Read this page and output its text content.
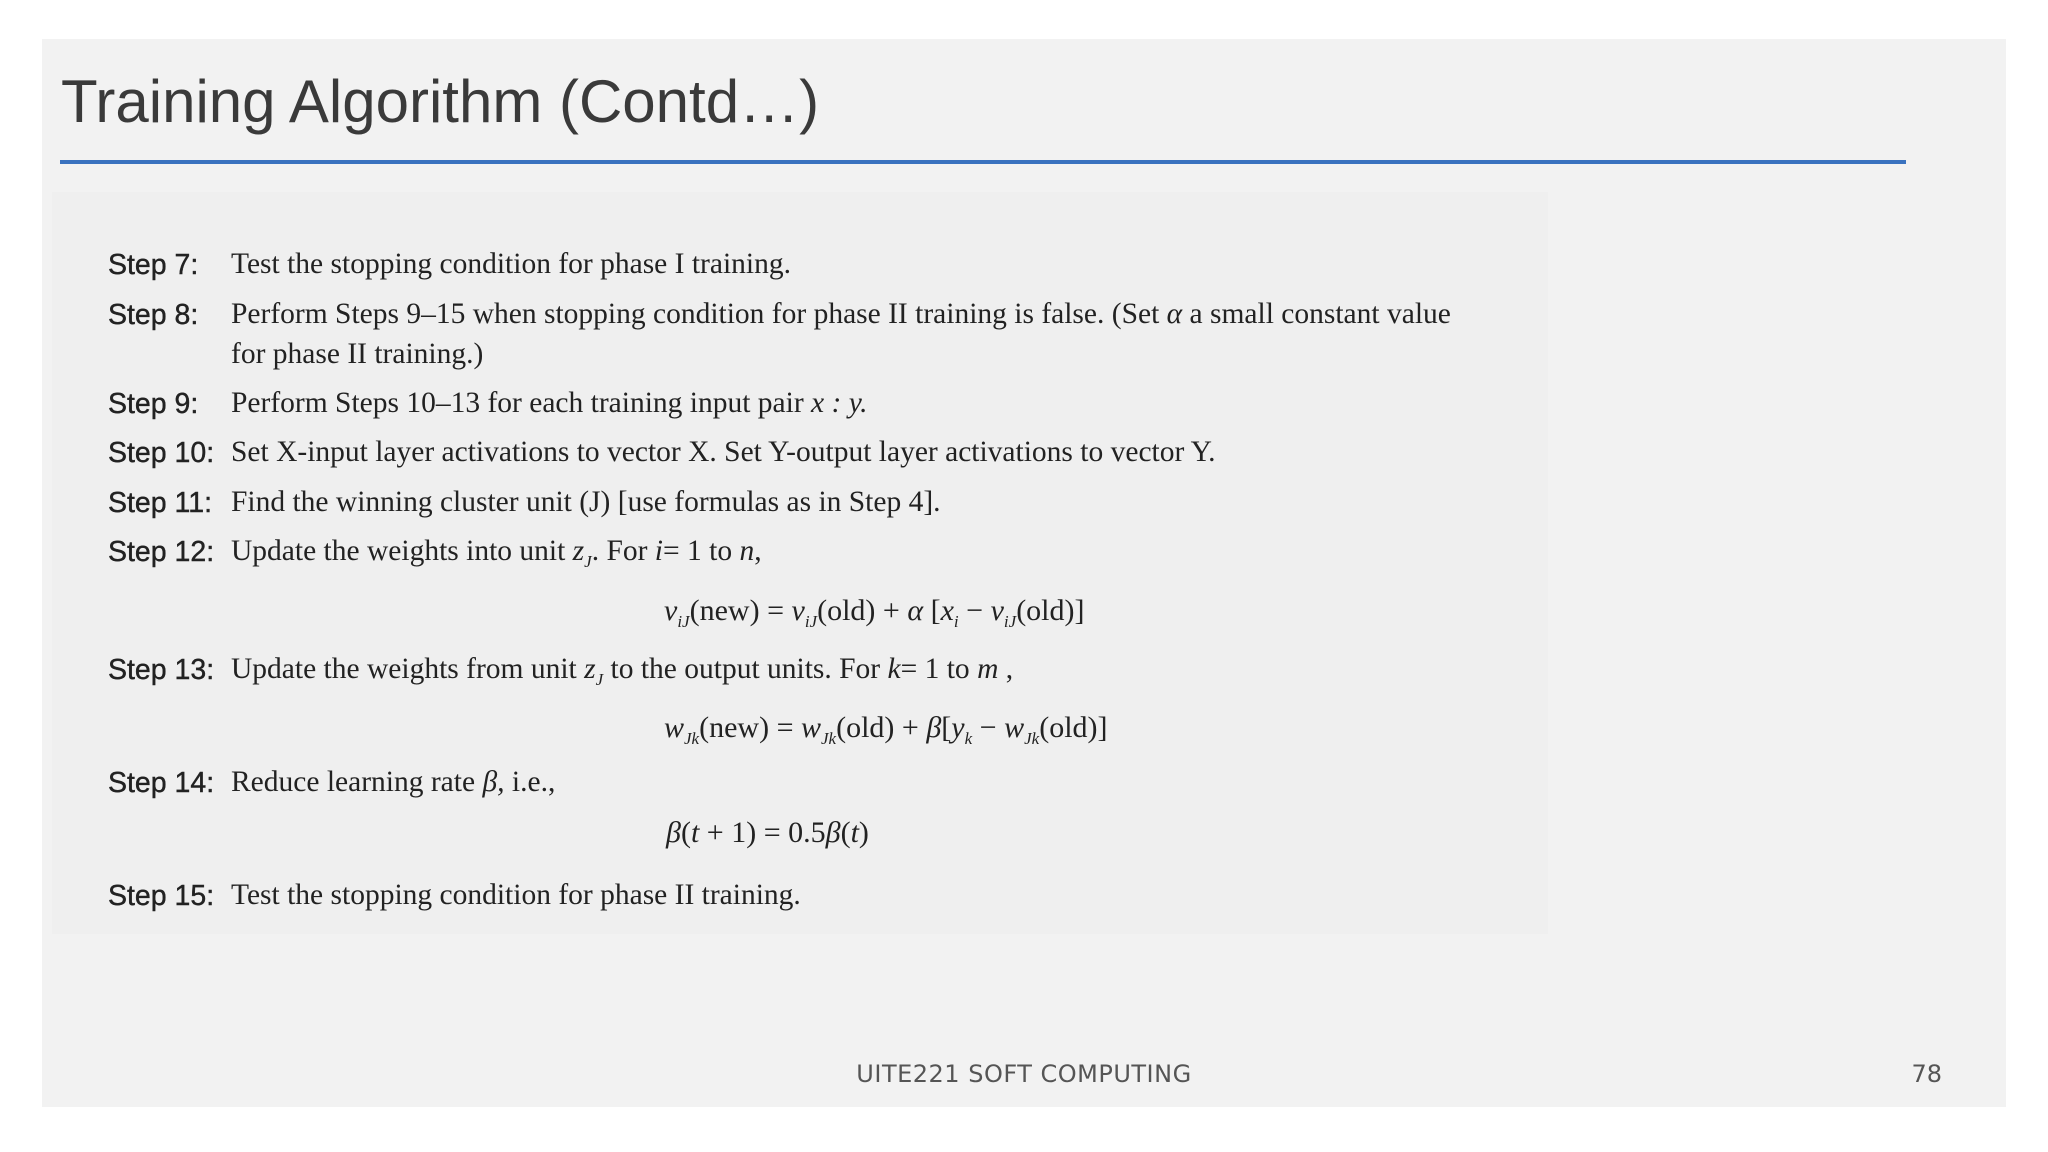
Training Algorithm (Contd…)
Step 7: Test the stopping condition for phase I training.
Step 8: Perform Steps 9–15 when stopping condition for phase II training is false. (Set α a small constant value
for phase II training.)
Step 9: Perform Steps 10–13 for each training input pair x : y.
Step 10: Set X-input layer activations to vector X. Set Y-output layer activations to vector Y.
Step 11: Find the winning cluster unit (J) [use formulas as in Step 4].
Step 12: Update the weights into unit $z_J$. For i= 1 to n,
$v_{iJ}(new) = v_{iJ}(old) + \alpha$ $[x_i - v_{iJ}(old)]$
Step 13: Update the weights from unit $z_J$ to the output units. For k= 1 to m ,
$w_{Jk}(new) = w_{Jk}(old) + \beta[y_k - w_{Jk}(old)]$
Step 14: Reduce learning rate β, i.e.,
β(t + 1) = 0.5β(t)
Step 15: Test the stopping condition for phase II training.
UITE221 SOFT COMPUTING	78
